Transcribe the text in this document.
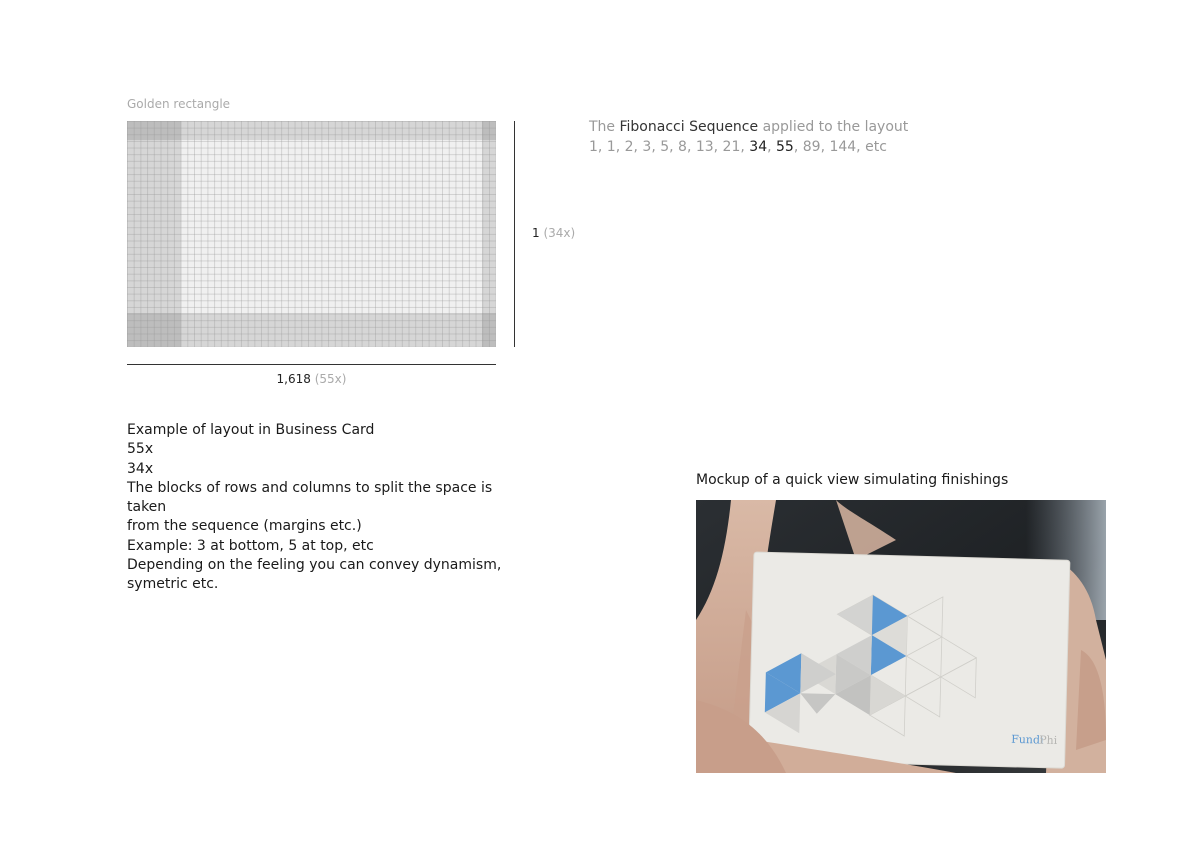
Golden rectangle
1 (34x)
1,618 (55x)
The Fibonacci Sequence applied to the layout
1, 1, 2, 3, 5, 8, 13, 21, 34, 55, 89, 144, etc
Example of layout in Business Card
55x
34x
The blocks of rows and columns to split the space is taken
from the sequence (margins etc.)
Example: 3 at bottom, 5 at top, etc
Depending on the feeling you can convey dynamism,
symetric etc.
Mockup of a quick view simulating finishings
Fundi
Phi
